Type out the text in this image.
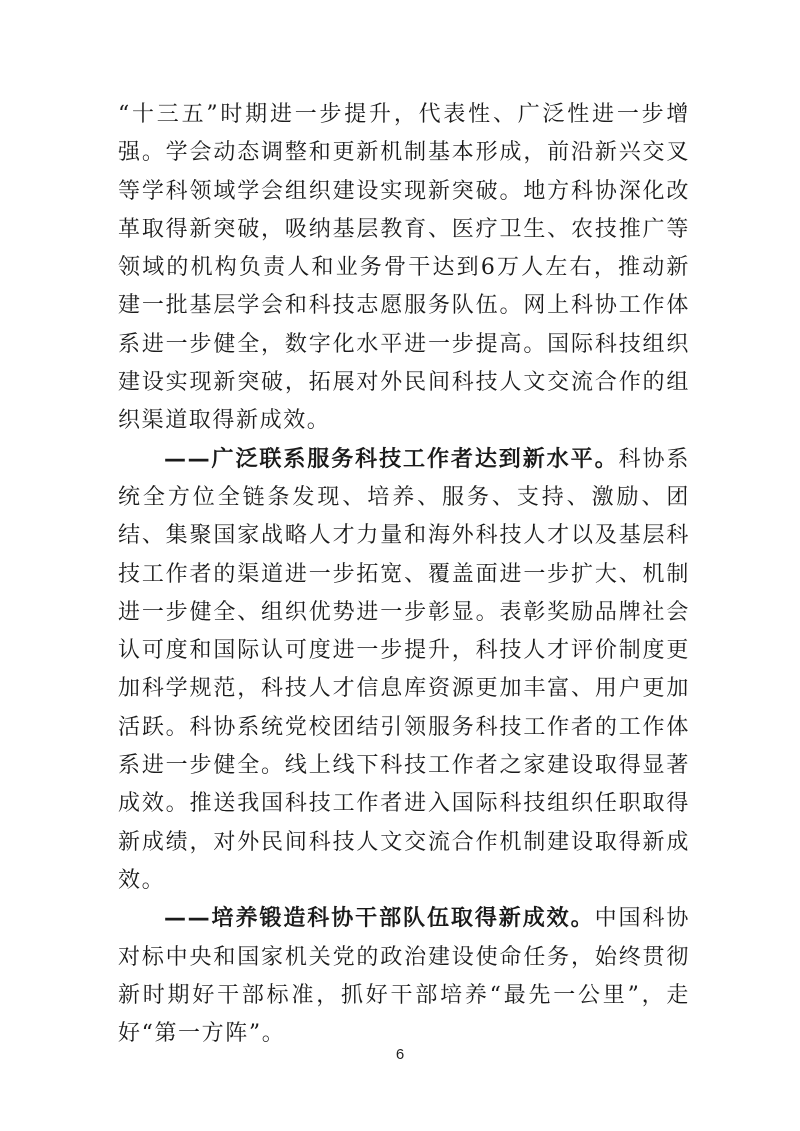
“十三五”时期进一步提升，代表性、广泛性进一步增强。学会动态调整和更新机制基本形成，前沿新兴交叉等学科领域学会组织建设实现新突破。地方科协深化改革取得新突破，吸纳基层教育、医疗卫生、农技推广等领域的机构负责人和业务骨干达到6万人左右，推动新建一批基层学会和科技志愿服务队伍。网上科协工作体系进一步健全，数字化水平进一步提高。国际科技组织建设实现新突破，拓展对外民间科技人文交流合作的组织渠道取得新成效。

——广泛联系服务科技工作者达到新水平。科协系统全方位全链条发现、培养、服务、支持、激励、团结、集聚国家战略人才力量和海外科技人才以及基层科技工作者的渠道进一步拓宽、覆盖面进一步扩大、机制进一步健全、组织优势进一步彰显。表彰奖励品牌社会认可度和国际认可度进一步提升，科技人才评价制度更加科学规范，科技人才信息库资源更加丰富、用户更加活跃。科协系统党校团结引领服务科技工作者的工作体系进一步健全。线上线下科技工作者之家建设取得显著成效。推送我国科技工作者进入国际科技组织任职取得新成绩，对外民间科技人文交流合作机制建设取得新成效。

——培养锻造科协干部队伍取得新成效。中国科协对标中央和国家机关党的政治建设使命任务，始终贯彻新时期好干部标准，抓好干部培养“最先一公里”，走好“第一方阵”。

6
